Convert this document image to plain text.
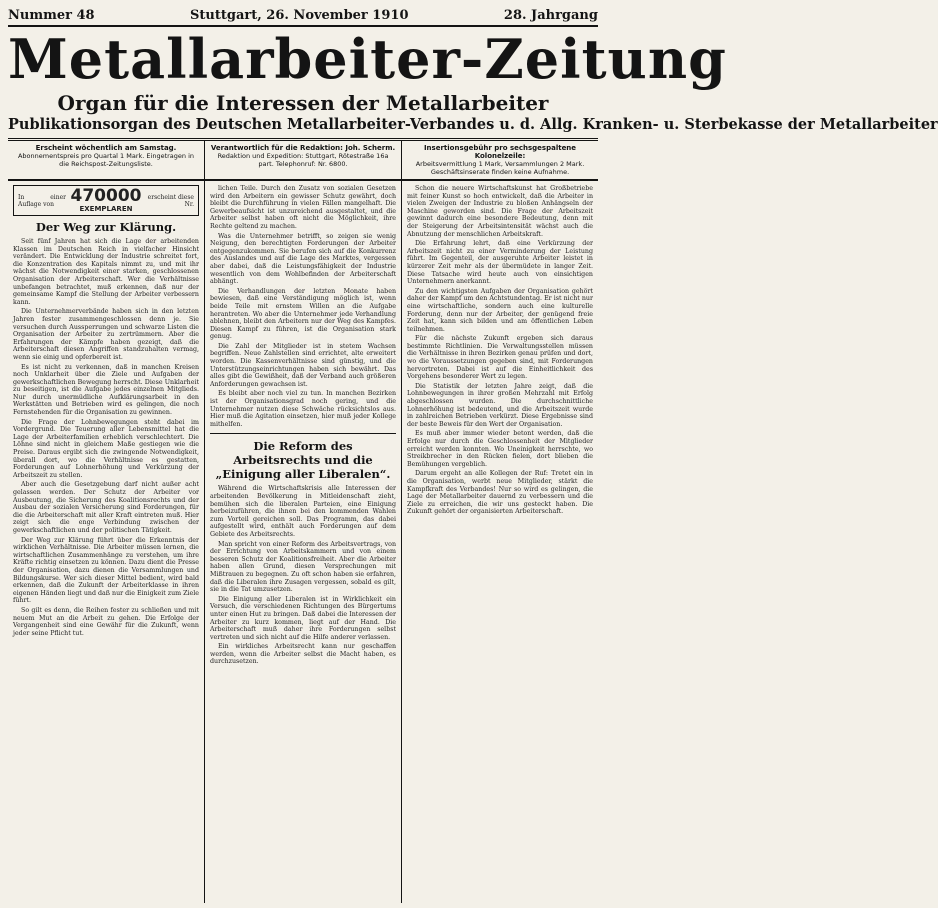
Nummer 48	Stuttgart, 26. November 1910	28. Jahrgang
Metallarbeiter-Zeitung
Organ für die Interessen der Metallarbeiter
Publikationsorgan des Deutschen Metallarbeiter-Verbandes u. d. Allg. Kranken- u. Sterbekasse der Metallarbeiter
Erscheint wöchentlich am Samstag.
Abonnementspreis pro Quartal 1 Mark. Eingetragen in die Reichspost-Zeitungsliste.
Verantwortlich für die Redaktion: Joh. Scherm.
Redaktion und Expedition: Stuttgart, Rötestraße 16a part. Telephonruf: Nr. 6800.
Insertionsgebühr pro sechsgespaltene Kolonelzeile:
Arbeitsvermittlung 1 Mark, Versammlungen 2 Mark. Geschäftsinserate finden keine Aufnahme.
In einer Auflage von 470000
EXEMPLAREN
erscheint diese Nr.
Der Weg zur Klärung.

Seit fünf Jahren hat sich die Lage der arbeitenden Klassen im Deutschen Reich in vielfacher Hinsicht verändert. Die Entwicklung der Industrie schreitet fort, die Konzentration des Kapitals nimmt zu, und mit ihr wächst die Notwendigkeit einer starken, geschlossenen Organisation der Arbeiterschaft. Wer die Verhältnisse unbefangen betrachtet, muß erkennen, daß nur der gemeinsame Kampf die Stellung der Arbeiter verbessern kann.

Die Unternehmerverbände haben sich in den letzten Jahren fester zusammengeschlossen denn je. Sie versuchen durch Aussperrungen und schwarze Listen die Organisation der Arbeiter zu zertrümmern. Aber die Erfahrungen der Kämpfe haben gezeigt, daß die Arbeiterschaft diesen Angriffen standzuhalten vermag, wenn sie einig und opferbereit ist.

Es ist nicht zu verkennen, daß in manchen Kreisen noch Unklarheit über die Ziele und Aufgaben der gewerkschaftlichen Bewegung herrscht. Diese Unklarheit zu beseitigen, ist die Aufgabe jedes einzelnen Mitglieds. Nur durch unermüdliche Aufklärungsarbeit in den Werkstätten und Betrieben wird es gelingen, die noch Fernstehenden für die Organisation zu gewinnen.

Die Frage der Lohnbewegungen steht dabei im Vordergrund. Die Teuerung aller Lebensmittel hat die Lage der Arbeiterfamilien erheblich verschlechtert. Die Löhne sind nicht in gleichem Maße gestiegen wie die Preise. Daraus ergibt sich die zwingende Notwendigkeit, überall dort, wo die Verhältnisse es gestatten, Forderungen auf Lohnerhöhung und Verkürzung der Arbeitszeit zu stellen.

Aber auch die Gesetzgebung darf nicht außer acht gelassen werden. Der Schutz der Arbeiter vor Ausbeutung, die Sicherung des Koalitionsrechts und der Ausbau der sozialen Versicherung sind Forderungen, für die die Arbeiterschaft mit aller Kraft eintreten muß. Hier zeigt sich die enge Verbindung zwischen der gewerkschaftlichen und der politischen Tätigkeit.

Der Weg zur Klärung führt über die Erkenntnis der wirklichen Verhältnisse. Die Arbeiter müssen lernen, die wirtschaftlichen Zusammenhänge zu verstehen, um ihre Kräfte richtig einsetzen zu können. Dazu dient die Presse der Organisation, dazu dienen die Versammlungen und Bildungskurse. Wer sich dieser Mittel bedient, wird bald erkennen, daß die Zukunft der Arbeiterklasse in ihren eigenen Händen liegt und daß nur die Einigkeit zum Ziele führt.

So gilt es denn, die Reihen fester zu schließen und mit neuem Mut an die Arbeit zu gehen. Die Erfolge der Vergangenheit sind eine Gewähr für die Zukunft, wenn jeder seine Pflicht tut.

lichen Teile. Durch den Zusatz von sozialen Gesetzen wird den Arbeitern ein gewisser Schutz gewährt, doch bleibt die Durchführung in vielen Fällen mangelhaft. Die Gewerbeaufsicht ist unzureichend ausgestaltet, und die Arbeiter selbst haben oft nicht die Möglichkeit, ihre Rechte geltend zu machen.

Was die Unternehmer betrifft, so zeigen sie wenig Neigung, den berechtigten Forderungen der Arbeiter entgegenzukommen. Sie berufen sich auf die Konkurrenz des Auslandes und auf die Lage des Marktes, vergessen aber dabei, daß die Leistungsfähigkeit der Industrie wesentlich von dem Wohlbefinden der Arbeiterschaft abhängt.

Die Verhandlungen der letzten Monate haben bewiesen, daß eine Verständigung möglich ist, wenn beide Teile mit ernstem Willen an die Aufgabe herantreten. Wo aber die Unternehmer jede Verhandlung ablehnen, bleibt den Arbeitern nur der Weg des Kampfes. Diesen Kampf zu führen, ist die Organisation stark genug.

Die Zahl der Mitglieder ist in stetem Wachsen begriffen. Neue Zahlstellen sind errichtet, alte erweitert worden. Die Kassenverhältnisse sind günstig, und die Unterstützungseinrichtungen haben sich bewährt. Das alles gibt die Gewißheit, daß der Verband auch größeren Anforderungen gewachsen ist.

Es bleibt aber noch viel zu tun. In manchen Bezirken ist der Organisationsgrad noch gering, und die Unternehmer nutzen diese Schwäche rücksichtslos aus. Hier muß die Agitation einsetzen, hier muß jeder Kollege mithelfen.

Die Reform des Arbeitsrechts und die „Einigung aller Liberalen“.

Während die Wirtschaftskrisis alle Interessen der arbeitenden Bevölkerung in Mitleidenschaft zieht, bemühen sich die liberalen Parteien, eine Einigung herbeizuführen, die ihnen bei den kommenden Wahlen zum Vorteil gereichen soll. Das Programm, das dabei aufgestellt wird, enthält auch Forderungen auf dem Gebiete des Arbeitsrechts.

Man spricht von einer Reform des Arbeitsvertrags, von der Errichtung von Arbeitskammern und von einem besseren Schutz der Koalitionsfreiheit. Aber die Arbeiter haben allen Grund, diesen Versprechungen mit Mißtrauen zu begegnen. Zu oft schon haben sie erfahren, daß die Liberalen ihre Zusagen vergessen, sobald es gilt, sie in die Tat umzusetzen.

Die Einigung aller Liberalen ist in Wirklichkeit ein Versuch, die verschiedenen Richtungen des Bürgertums unter einen Hut zu bringen. Daß dabei die Interessen der Arbeiter zu kurz kommen, liegt auf der Hand. Die Arbeiterschaft muß daher ihre Forderungen selbst vertreten und sich nicht auf die Hilfe anderer verlassen.

Ein wirkliches Arbeitsrecht kann nur geschaffen werden, wenn die Arbeiter selbst die Macht haben, es durchzusetzen.

Schon die neuere Wirtschaftskunst hat Großbetriebe mit feiner Kunst so hoch entwickelt, daß die Arbeiter in vielen Zweigen der Industrie zu bloßen Anhängseln der Maschine geworden sind. Die Frage der Arbeitszeit gewinnt dadurch eine besondere Bedeutung, denn mit der Steigerung der Arbeitsintensität wächst auch die Abnutzung der menschlichen Arbeitskraft.

Die Erfahrung lehrt, daß eine Verkürzung der Arbeitszeit nicht zu einer Verminderung der Leistung führt. Im Gegenteil, der ausgeruhte Arbeiter leistet in kürzerer Zeit mehr als der übermüdete in langer Zeit. Diese Tatsache wird heute auch von einsichtigen Unternehmern anerkannt.

Zu den wichtigsten Aufgaben der Organisation gehört daher der Kampf um den Achtstundentag. Er ist nicht nur eine wirtschaftliche, sondern auch eine kulturelle Forderung, denn nur der Arbeiter, der genügend freie Zeit hat, kann sich bilden und am öffentlichen Leben teilnehmen.

Für die nächste Zukunft ergeben sich daraus bestimmte Richtlinien. Die Verwaltungsstellen müssen die Verhältnisse in ihren Bezirken genau prüfen und dort, wo die Voraussetzungen gegeben sind, mit Forderungen hervortreten. Dabei ist auf die Einheitlichkeit des Vorgehens besonderer Wert zu legen.

Die Statistik der letzten Jahre zeigt, daß die Lohnbewegungen in ihrer großen Mehrzahl mit Erfolg abgeschlossen wurden. Die durchschnittliche Lohnerhöhung ist bedeutend, und die Arbeitszeit wurde in zahlreichen Betrieben verkürzt. Diese Ergebnisse sind der beste Beweis für den Wert der Organisation.

Es muß aber immer wieder betont werden, daß die Erfolge nur durch die Geschlossenheit der Mitglieder erreicht werden konnten. Wo Uneinigkeit herrschte, wo Streikbrecher in den Rücken fielen, dort blieben die Bemühungen vergeblich.

Darum ergeht an alle Kollegen der Ruf: Tretet ein in die Organisation, werbt neue Mitglieder, stärkt die Kampfkraft des Verbandes! Nur so wird es gelingen, die Lage der Metallarbeiter dauernd zu verbessern und die Ziele zu erreichen, die wir uns gesteckt haben. Die Zukunft gehört der organisierten Arbeiterschaft.
